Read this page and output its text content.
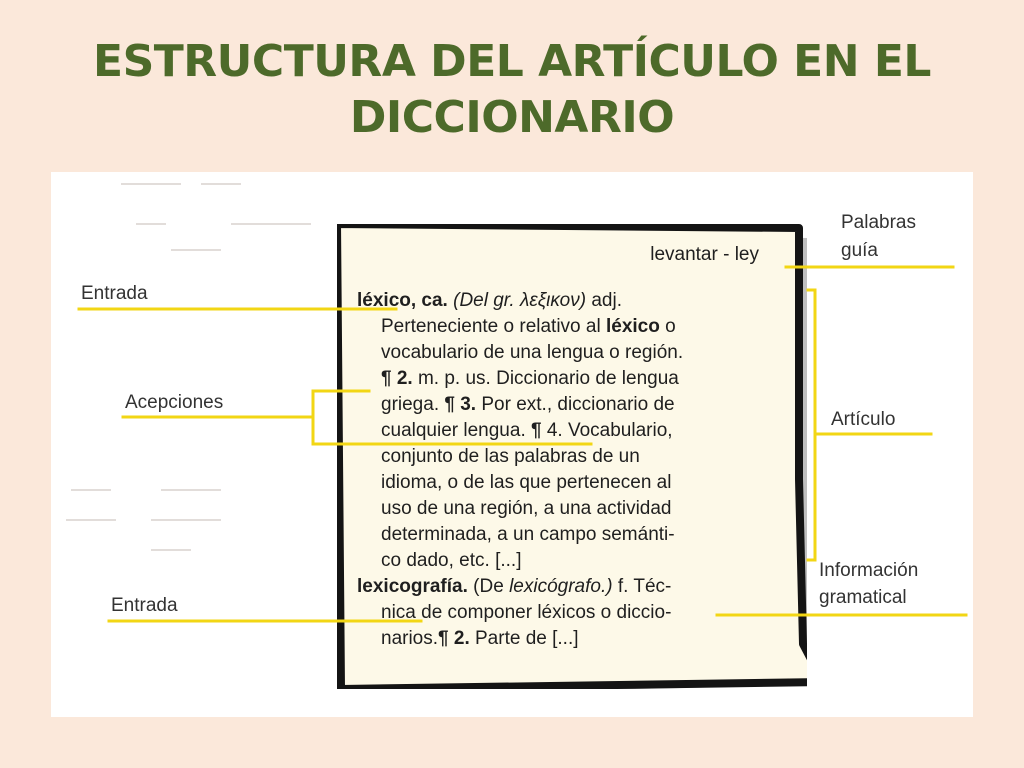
ESTRUCTURA DEL ARTÍCULO EN EL
DICCIONARIO
levantar - ley
léxico, ca. (Del gr. λεξικον) adj.
Perteneciente o relativo al léxico o
vocabulario de una lengua o región.
¶ 2. m. p. us. Diccionario de lengua
griega. ¶ 3. Por ext., diccionario de
cualquier lengua. ¶ 4. Vocabulario,
conjunto de las palabras de un
idioma, o de las que pertenecen al
uso de una región, a una actividad
determinada, a un campo semánti-
co dado, etc. [...]
lexicografía. (De lexicógrafo.) f. Téc-
nica de componer léxicos o diccio-
narios.¶ 2. Parte de [...]
Entrada
Acepciones
Entrada
Palabras
guía
Artículo
Información
gramatical
